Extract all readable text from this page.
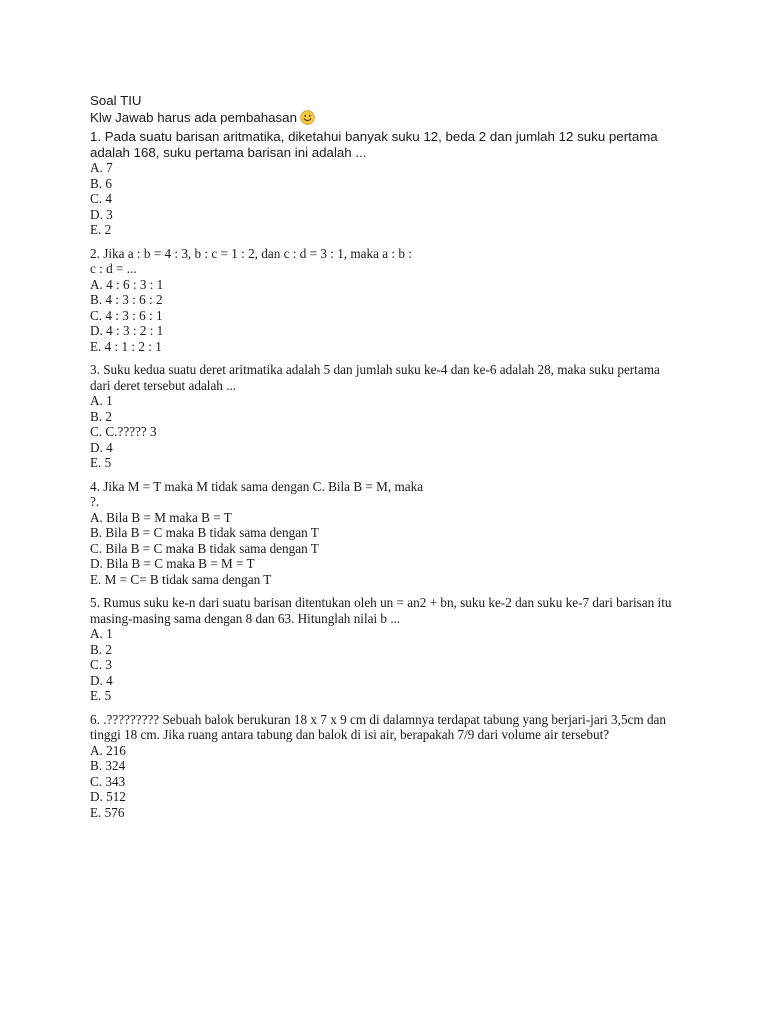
Soal TIU
Klw Jawab harus ada pembahasan
1. Pada suatu barisan aritmatika, diketahui banyak suku 12, beda 2 dan jumlah 12 suku pertama
adalah 168, suku pertama barisan ini adalah ...
A. 7
B. 6
C. 4
D. 3
E. 2
2. Jika a : b = 4 : 3, b : c = 1 : 2, dan c : d = 3 : 1, maka a : b :
c : d = ...
A. 4 : 6 : 3 : 1
B. 4 : 3 : 6 : 2
C. 4 : 3 : 6 : 1
D. 4 : 3 : 2 : 1
E. 4 : 1 : 2 : 1
3. Suku kedua suatu deret aritmatika adalah 5 dan jumlah suku ke-4 dan ke-6 adalah 28, maka suku pertama
dari deret tersebut adalah ...
A. 1
B. 2
C. C.????? 3
D. 4
E. 5
4. Jika M = T maka M tidak sama dengan C. Bila B = M, maka
?.
A. Bila B = M maka B = T
B. Bila B = C maka B tidak sama dengan T
C. Bila B = C maka B tidak sama dengan T
D. Bila B = C maka B = M = T
E. M = C= B tidak sama dengan T
5. Rumus suku ke-n dari suatu barisan ditentukan oleh un = an2 + bn, suku ke-2 dan suku ke-7 dari barisan itu
masing-masing sama dengan 8 dan 63. Hitunglah nilai b ...
A. 1
B. 2
C. 3
D. 4
E. 5
6. .????????? Sebuah balok berukuran 18 x 7 x 9 cm di dalamnya terdapat tabung yang berjari-jari 3,5cm dan
tinggi 18 cm. Jika ruang antara tabung dan balok di isi air, berapakah 7/9 dari volume air tersebut?
A. 216
B. 324
C. 343
D. 512
E. 576
